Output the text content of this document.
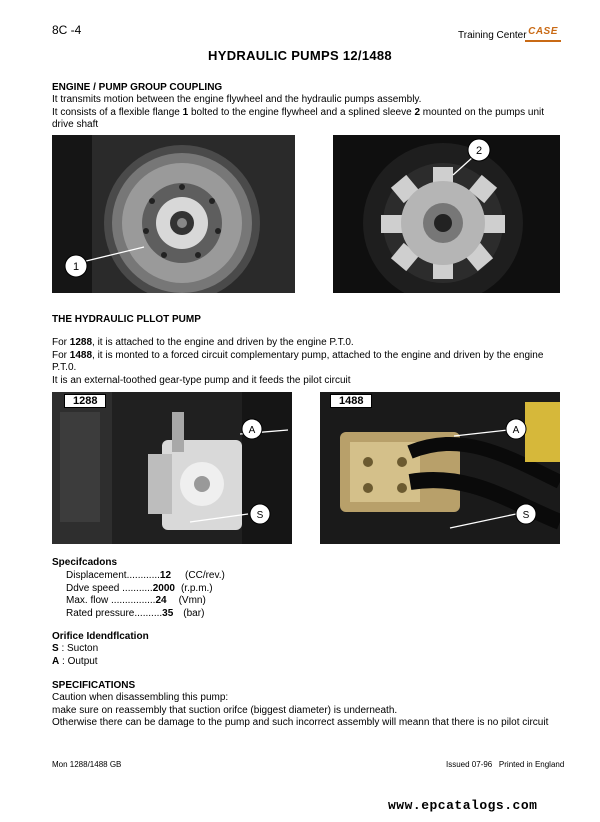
8C -4	Training Center CASE
HYDRAULIC PUMPS 12/1488
ENGINE / PUMP GROUP COUPLING
It transmits motion between the engine flywheel and the hydraulic pumps assembly.
It consists of a flexible flange 1 bolted to the engine flywheel and a splined sleeve 2 mounted on the pumps unit
drive shaft
1
2
THE HYDRAULIC PLLOT PUMP
For 1288, it is attached to the engine and driven by the engine P.T.0.
For 1488, it is monted to a forced circuit complementary pump, attached to the engine and driven by the engine
P.T.0.
It is an external-toothed gear-type pump and it feeds the pilot circuit
A
S
1288
A
S
1488
Specifcadons
Displacement............12 (CC/rev.)
Ddve speed ...........2000 (r.p.m.)
Max. flow ................24 (Vmn)
Rated pressure..........35 (bar)
Orifice Idendflcation
S : Sucton
A : Output
SPECIFICATIONS
Caution when disassembling this pump:
make sure on reassembly that suction orifce (biggest diameter) is underneath.
Otherwise there can be damage to the pump and such incorrect assembly will meann that there is no pilot circuit
Mon 1288/1488 GB	Issued 07-96   Printed in England
www.epcatalogs.com
